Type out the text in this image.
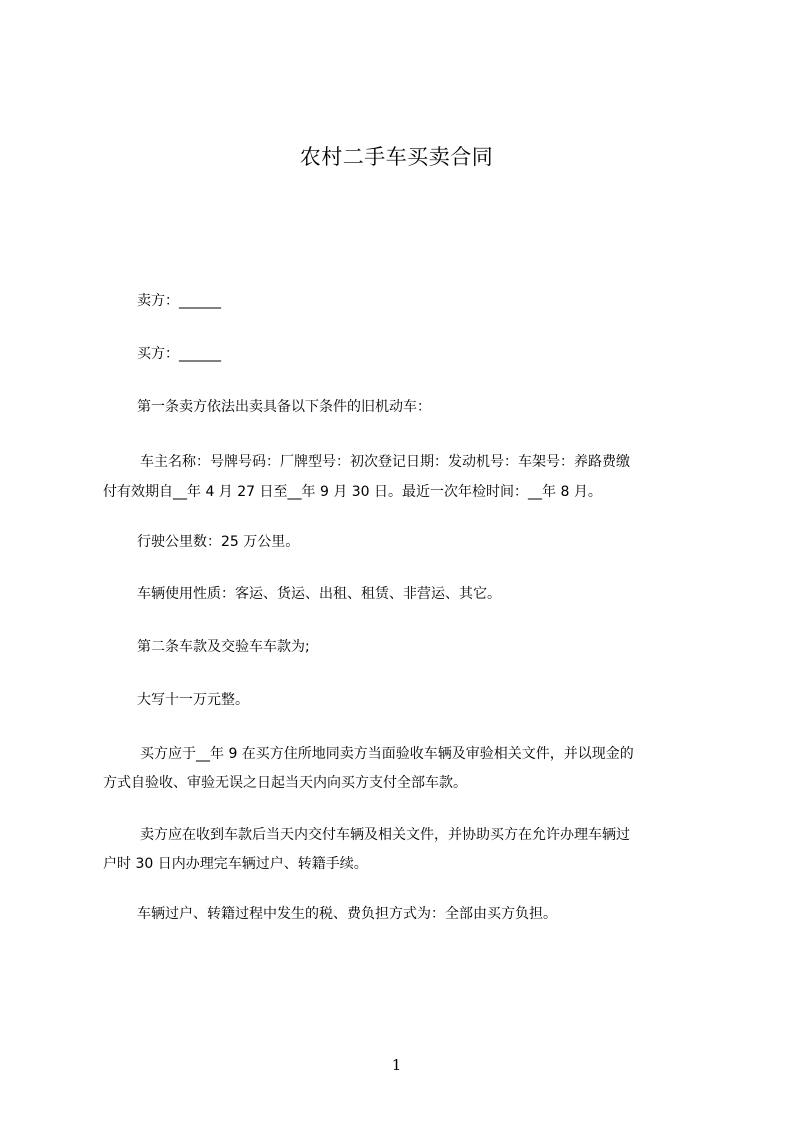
农村二手车买卖合同
卖方：______
买方：______
第一条卖方依法出卖具备以下条件的旧机动车：
车主名称：号牌号码：厂牌型号：初次登记日期：发动机号：车架号：养路费缴
付有效期自__年 4 月 27 日至__年 9 月 30 日。最近一次年检时间：__年 8 月。
行驶公里数：25 万公里。
车辆使用性质：客运、货运、出租、租赁、非营运、其它。
第二条车款及交验车车款为;
大写十一万元整。
买方应于__年 9 在买方住所地同卖方当面验收车辆及审验相关文件，并以现金的
方式自验收、审验无误之日起当天内向买方支付全部车款。
卖方应在收到车款后当天内交付车辆及相关文件，并协助买方在允许办理车辆过
户时 30 日内办理完车辆过户、转籍手续。
车辆过户、转籍过程中发生的税、费负担方式为：全部由买方负担。
1
